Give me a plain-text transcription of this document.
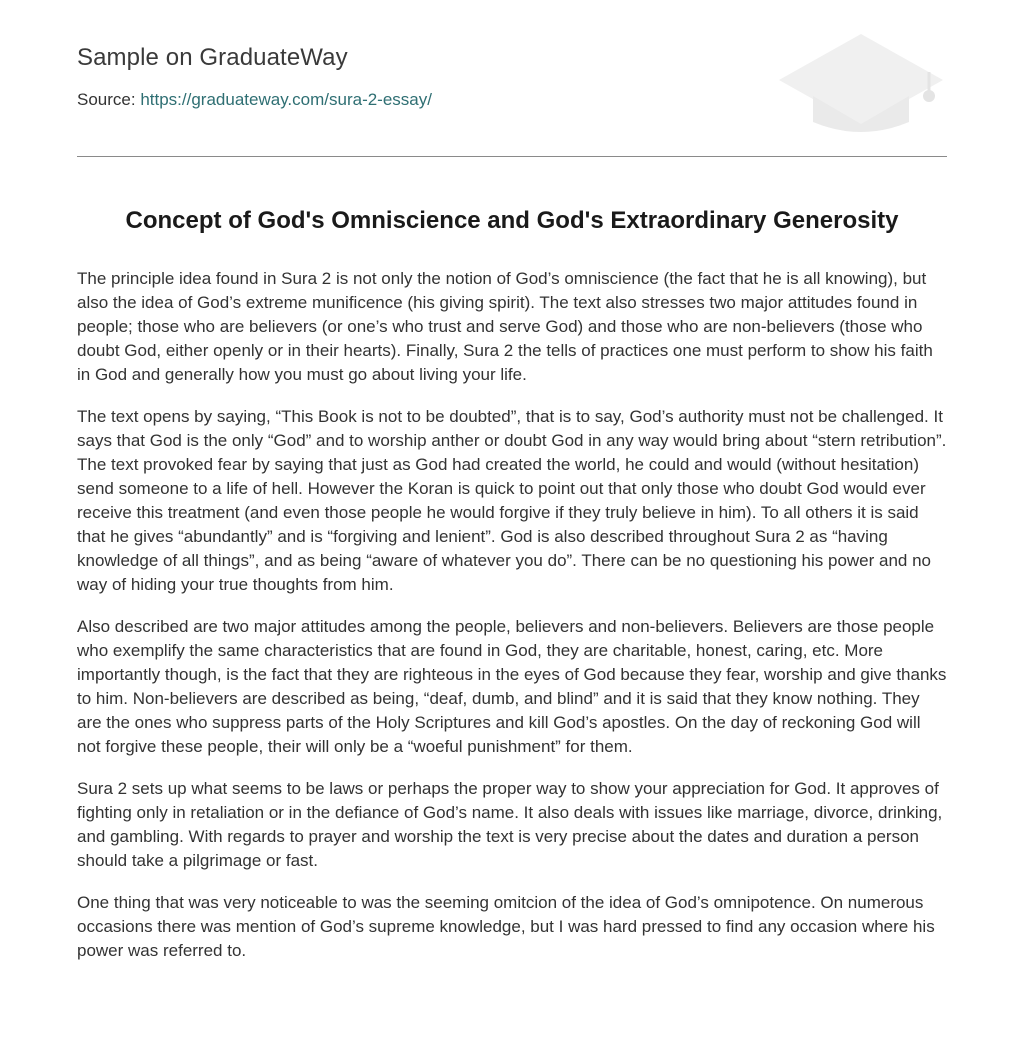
Sample on GraduateWay
Source: https://graduateway.com/sura-2-essay/
Concept of God's Omniscience and God's Extraordinary Generosity

The principle idea found in Sura 2 is not only the notion of God’s omniscience (the fact that he is all knowing), but also the idea of God’s extreme munificence (his giving spirit). The text also stresses two major attitudes found in people; those who are believers (or one’s who trust and serve God) and those who are non-believers (those who doubt God, either openly or in their hearts). Finally, Sura 2 the tells of practices one must perform to show his faith in God and generally how you must go about living your life.

The text opens by saying, “This Book is not to be doubted”, that is to say, God’s authority must not be challenged. It says that God is the only “God” and to worship anther or doubt God in any way would bring about “stern retribution”. The text provoked fear by saying that just as God had created the world, he could and would (without hesitation) send someone to a life of hell. However the Koran is quick to point out that only those who doubt God would ever receive this treatment (and even those people he would forgive if they truly believe in him). To all others it is said that he gives “abundantly” and is “forgiving and lenient”. God is also described throughout Sura 2 as “having knowledge of all things”, and as being “aware of whatever you do”. There can be no questioning his power and no way of hiding your true thoughts from him.

Also described are two major attitudes among the people, believers and non-believers. Believers are those people who exemplify the same characteristics that are found in God, they are charitable, honest, caring, etc. More importantly though, is the fact that they are righteous in the eyes of God because they fear, worship and give thanks to him. Non-believers are described as being, “deaf, dumb, and blind” and it is said that they know nothing. They are the ones who suppress parts of the Holy Scriptures and kill God’s apostles. On the day of reckoning God will not forgive these people, their will only be a “woeful punishment” for them.

Sura 2 sets up what seems to be laws or perhaps the proper way to show your appreciation for God. It approves of fighting only in retaliation or in the defiance of God’s name. It also deals with issues like marriage, divorce, drinking, and gambling. With regards to prayer and worship the text is very precise about the dates and duration a person should take a pilgrimage or fast.

One thing that was very noticeable to was the seeming omitcion of the idea of God’s omnipotence. On numerous occasions there was mention of God’s supreme knowledge, but I was hard pressed to find any occasion where his power was referred to.
